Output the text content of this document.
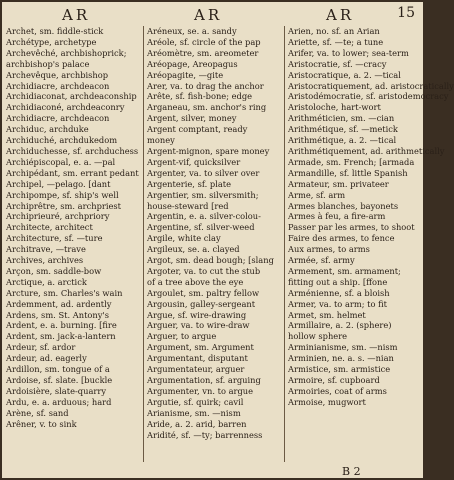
AR	AR	AR	15
Archet, sm. fiddle-stick
Archétype, archetype
Archevêché, archbishoprick;
archbishop's palace
Archevêque, archbishop
Archidiacre, archdeacon
Archidiaconat, archdeaconship
Archidiaconé, archdeaconry
Archidiacre, archdeacon
Archiduc, archduke
Archiduché, archdukedom
Archiduchesse, sf. archduchess
Archiépiscopal, e. a. —pal
Archipédant, sm. errant pedant
Archipel, —pelago. [dant
Archipompe, sf. ship's well
Archiprêtre, sm. archpriest
Archiprieuré, archpriory
Architecte, architect
Architecture, sf. —ture
Architrave, —trave
Archives, archives
Arçon, sm. saddle-bow
Arctique, a. arctick
Arcture, sm. Charles's wain
Ardemment, ad. ardently
Ardens, sm. St. Antony's
Ardent, e. a. burning. [fire
Ardent, sm. jack-a-lantern
Ardeur, sf. ardor
Ardeur, ad. eagerly
Ardillon, sm. tongue of a
Ardoise, sf. slate. [buckle
Ardoisière, slate-quarry
Ardu, e. a. arduous; hard
Arène, sf. sand
Arêner, v. to sink
Aréneux, se. a. sandy
Aréole, sf. circle of the pap
Aréomètre, sm. areometer
Aréopage, Areopagus
Aréopagite, —gite
Arer, va. to drag the anchor
Arête, sf. fish-bone; edge
Arganeau, sm. anchor's ring
Argent, silver, money
Argent comptant, ready
money
Argent-mignon, spare money
Argent-vif, quicksilver
Argenter, va. to silver over
Argenterie, sf. plate
Argentier, sm. silversmith;
house-steward [red
Argentin, e. a. silver-colou-
Argentine, sf. silver-weed
Argile, white clay
Argileux, se. a. clayed
Argot, sm. dead bough; [slang
Argoter, va. to cut the stub
of a tree above the eye
Argoulet, sm. paltry fellow
Argousin, galley-sergeant
Argue, sf. wire-drawing
Arguer, va. to wire-draw
Arguer, to argue
Argument, sm. Argument
Argumentant, disputant
Argumentateur, arguer
Argumentation, sf. arguing
Argumenter, vn. to argue
Argutie, sf. quirk; cavil
Arianisme, sm. —nism
Aride, a. 2. arid, barren
Aridité, sf. —ty; barrenness
Arien, no. sf. an Arian
Ariette, sf. —te; a tune
Arifer, va. to lower; sea-term
Aristocratie, sf. —cracy
Aristocratique, a. 2. —tical
Aristocratiquement, ad. aristocratically
Aristodémocratie, sf. aristodemocracy
Aristoloche, hart-wort
Arithméticien, sm. —cian
Arithmétique, sf. —metick
Arithmétique, a. 2. —tical
Arithmétiquement, ad. arithmetically
Armade, sm. French; [armada
Armandille, sf. little Spanish
Armateur, sm. privateer
Arme, sf. arm
Armes blanches, bayonets
Armes à feu, a fire-arm
Passer par les armes, to shoot
Faire des armes, to fence
Aux armes, to arms
Armée, sf. army
Armement, sm. armament;
fitting out a ship. [ffone
Arménienne, sf. a bloish
Armer, va. to arm; to fit
Armet, sm. helmet
Armillaire, a. 2. (sphere)
hollow sphere
Arminianisme, sm. —nism
Arminien, ne. a. s. —nian
Armistice, sm. armistice
Armoire, sf. cupboard
Armoiries, coat of arms
Armoise, mugwort
B 2
